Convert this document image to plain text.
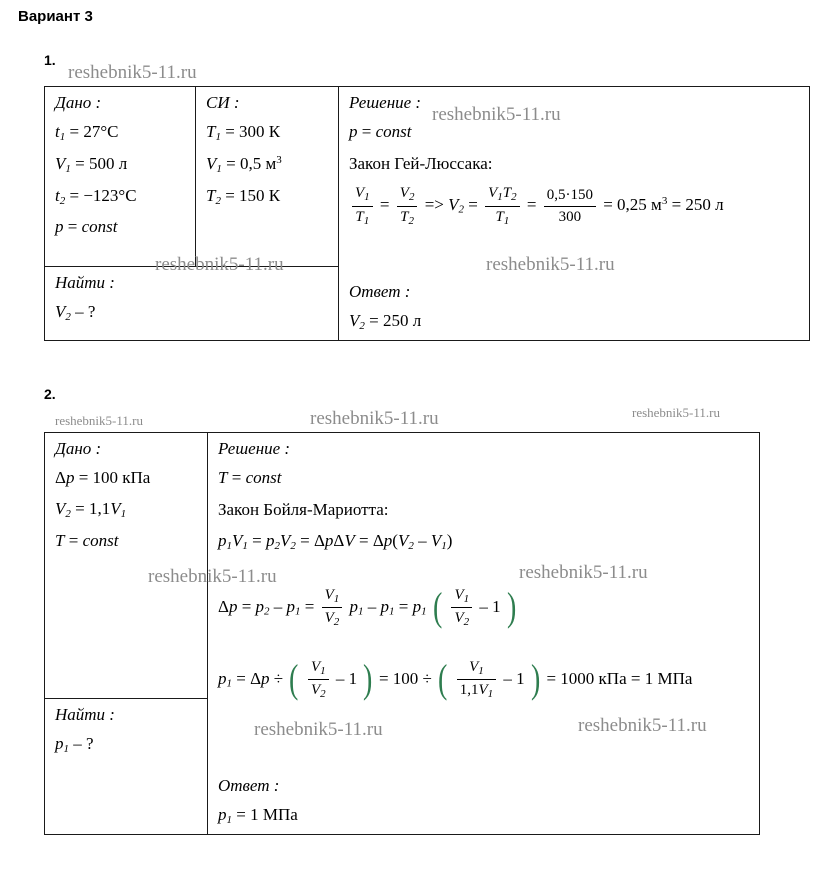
Вариант 3
1.
Дано :
$t_1 = 27^\circ C$
$V_1 = 500$ л
$t_2 = -123^\circ C$
p = const

СИ :
$T_1 = 300$ К
$V_1 = 0,5$ $м^3$
$T_2 = 150$ К

Решение :
p = const
Закон Гей-Люссака:
$\frac{V_1}{T_1} = \frac{V_2}{T_2} => V_2 = \frac{V_1T_2}{T_1} = \frac{0,5\cdot 150}{300} = 0,25$ $м^3 = 250$ л
Ответ :
$V_2 = 250$ л

Найти :
$V_2$ – ?
2.
Дано :
Δp = 100 кПа
$V_2 = 1,1V_1$
T = const

Решение :
T = const
Закон Бойля-Мариотта:
$p_1V_1 = p_2V_2 = \Delta p\Delta V = \Delta p(V_2 - V_1)$
$\Delta p = p_2 - p_1 = \frac{V_1}{V_2} p_1 - p_1 = p_1$ ( $\frac{V_1}{V_2} - 1$ )
$p_1 = \Delta p$ ÷ ( $\frac{V_1}{V_2} - 1$ ) = 100 ÷ ( $\frac{V_1}{1,1V_1} - 1$ ) = 1000 кПа = 1 МПа
Ответ :
$p_1 = 1$ МПа

Найти :
$p_1$ – ?
reshebnik5-11.ru
reshebnik5-11.ru
reshebnik5-11.ru	reshebnik5-11.ru
reshebnik5-11.ru	reshebnik5-11.ru	reshebnik5-11.ru
reshebnik5-11.ru	reshebnik5-11.ru
reshebnik5-11.ru	reshebnik5-11.ru
